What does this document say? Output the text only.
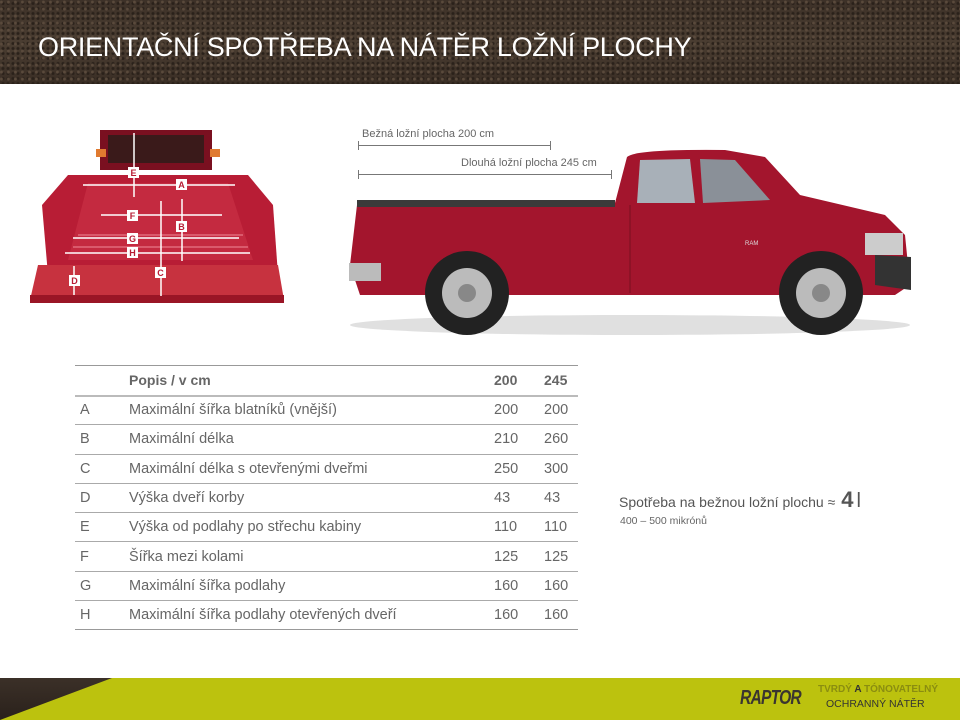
ORIENTAČNÍ SPOTŘEBA NA NÁTĚR LOŽNÍ PLOCHY
A
B
C
D
E
F
G
H
Bežná ložní plocha 200 cm
Dlouhá ložní plocha 245 cm
RAM
	Popis / v cm	200	245
A	Maximální šířka blatníků (vnější)	200	200
B	Maximální délka	210	260
C	Maximální délka s otevřenými dveřmi	250	300
D	Výška dveří korby	43	43
E	Výška od podlahy po střechu kabiny	110	110
F	Šířka mezi kolami	125	125
G	Maximální šířka podlahy	160	160
H	Maximální šířka podlahy otevřených dveří	160	160
Spotřeba na bežnou ložní plochu ≈ 4 l
400 – 500 mikrónů
RAPTOR TVRDÝ A TÓNOVATELNÝ
OCHRANNÝ NÁTĚR
